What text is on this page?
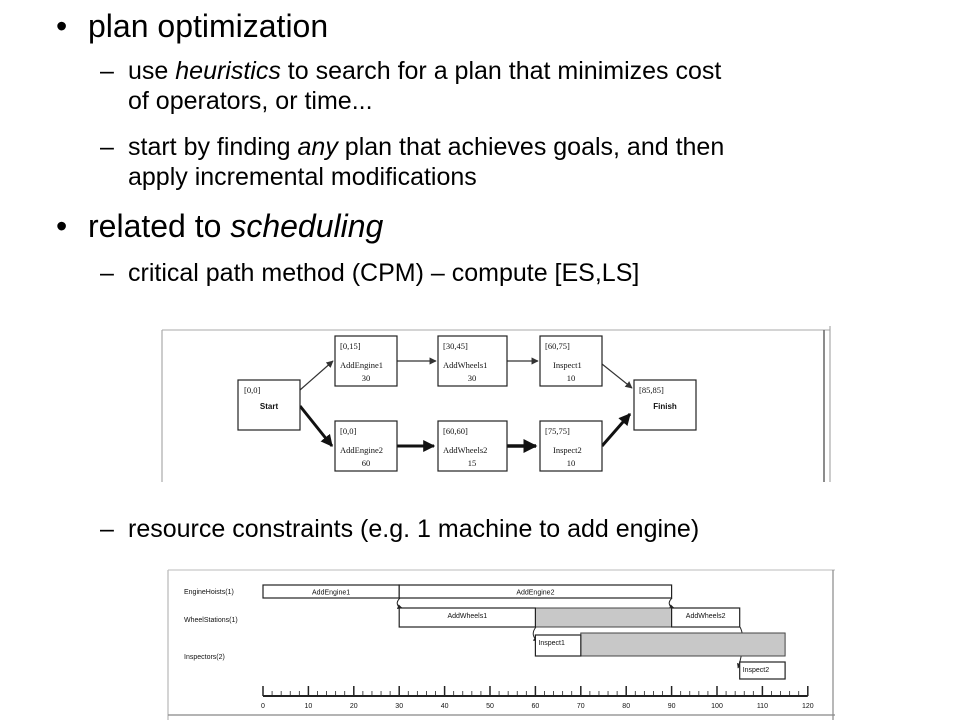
• plan optimization
– use heuristics to search for a plan that minimizes cost
of operators, or time...
– start by finding any plan that achieves goals, and then
apply incremental modifications
• related to scheduling
– critical path method (CPM) – compute [ES,LS]
– resource constraints (e.g. 1 machine to add engine)
[0,0]
Start
[0,15]
AddEngine1
30
[30,45]
AddWheels1
30
[60,75]
Inspect1
10
[0,0]
AddEngine2
60
[60,60]
AddWheels2
15
[75,75]
Inspect2
10
[85,85]
Finish
EngineHoists(1)
WheelStations(1)
Inspectors(2)
AddEngine1	AddEngine2
AddWheels1	AddWheels2
Inspect1
Inspect2
0	10	20	30	40	50	60	70	80	90	100	110	120
